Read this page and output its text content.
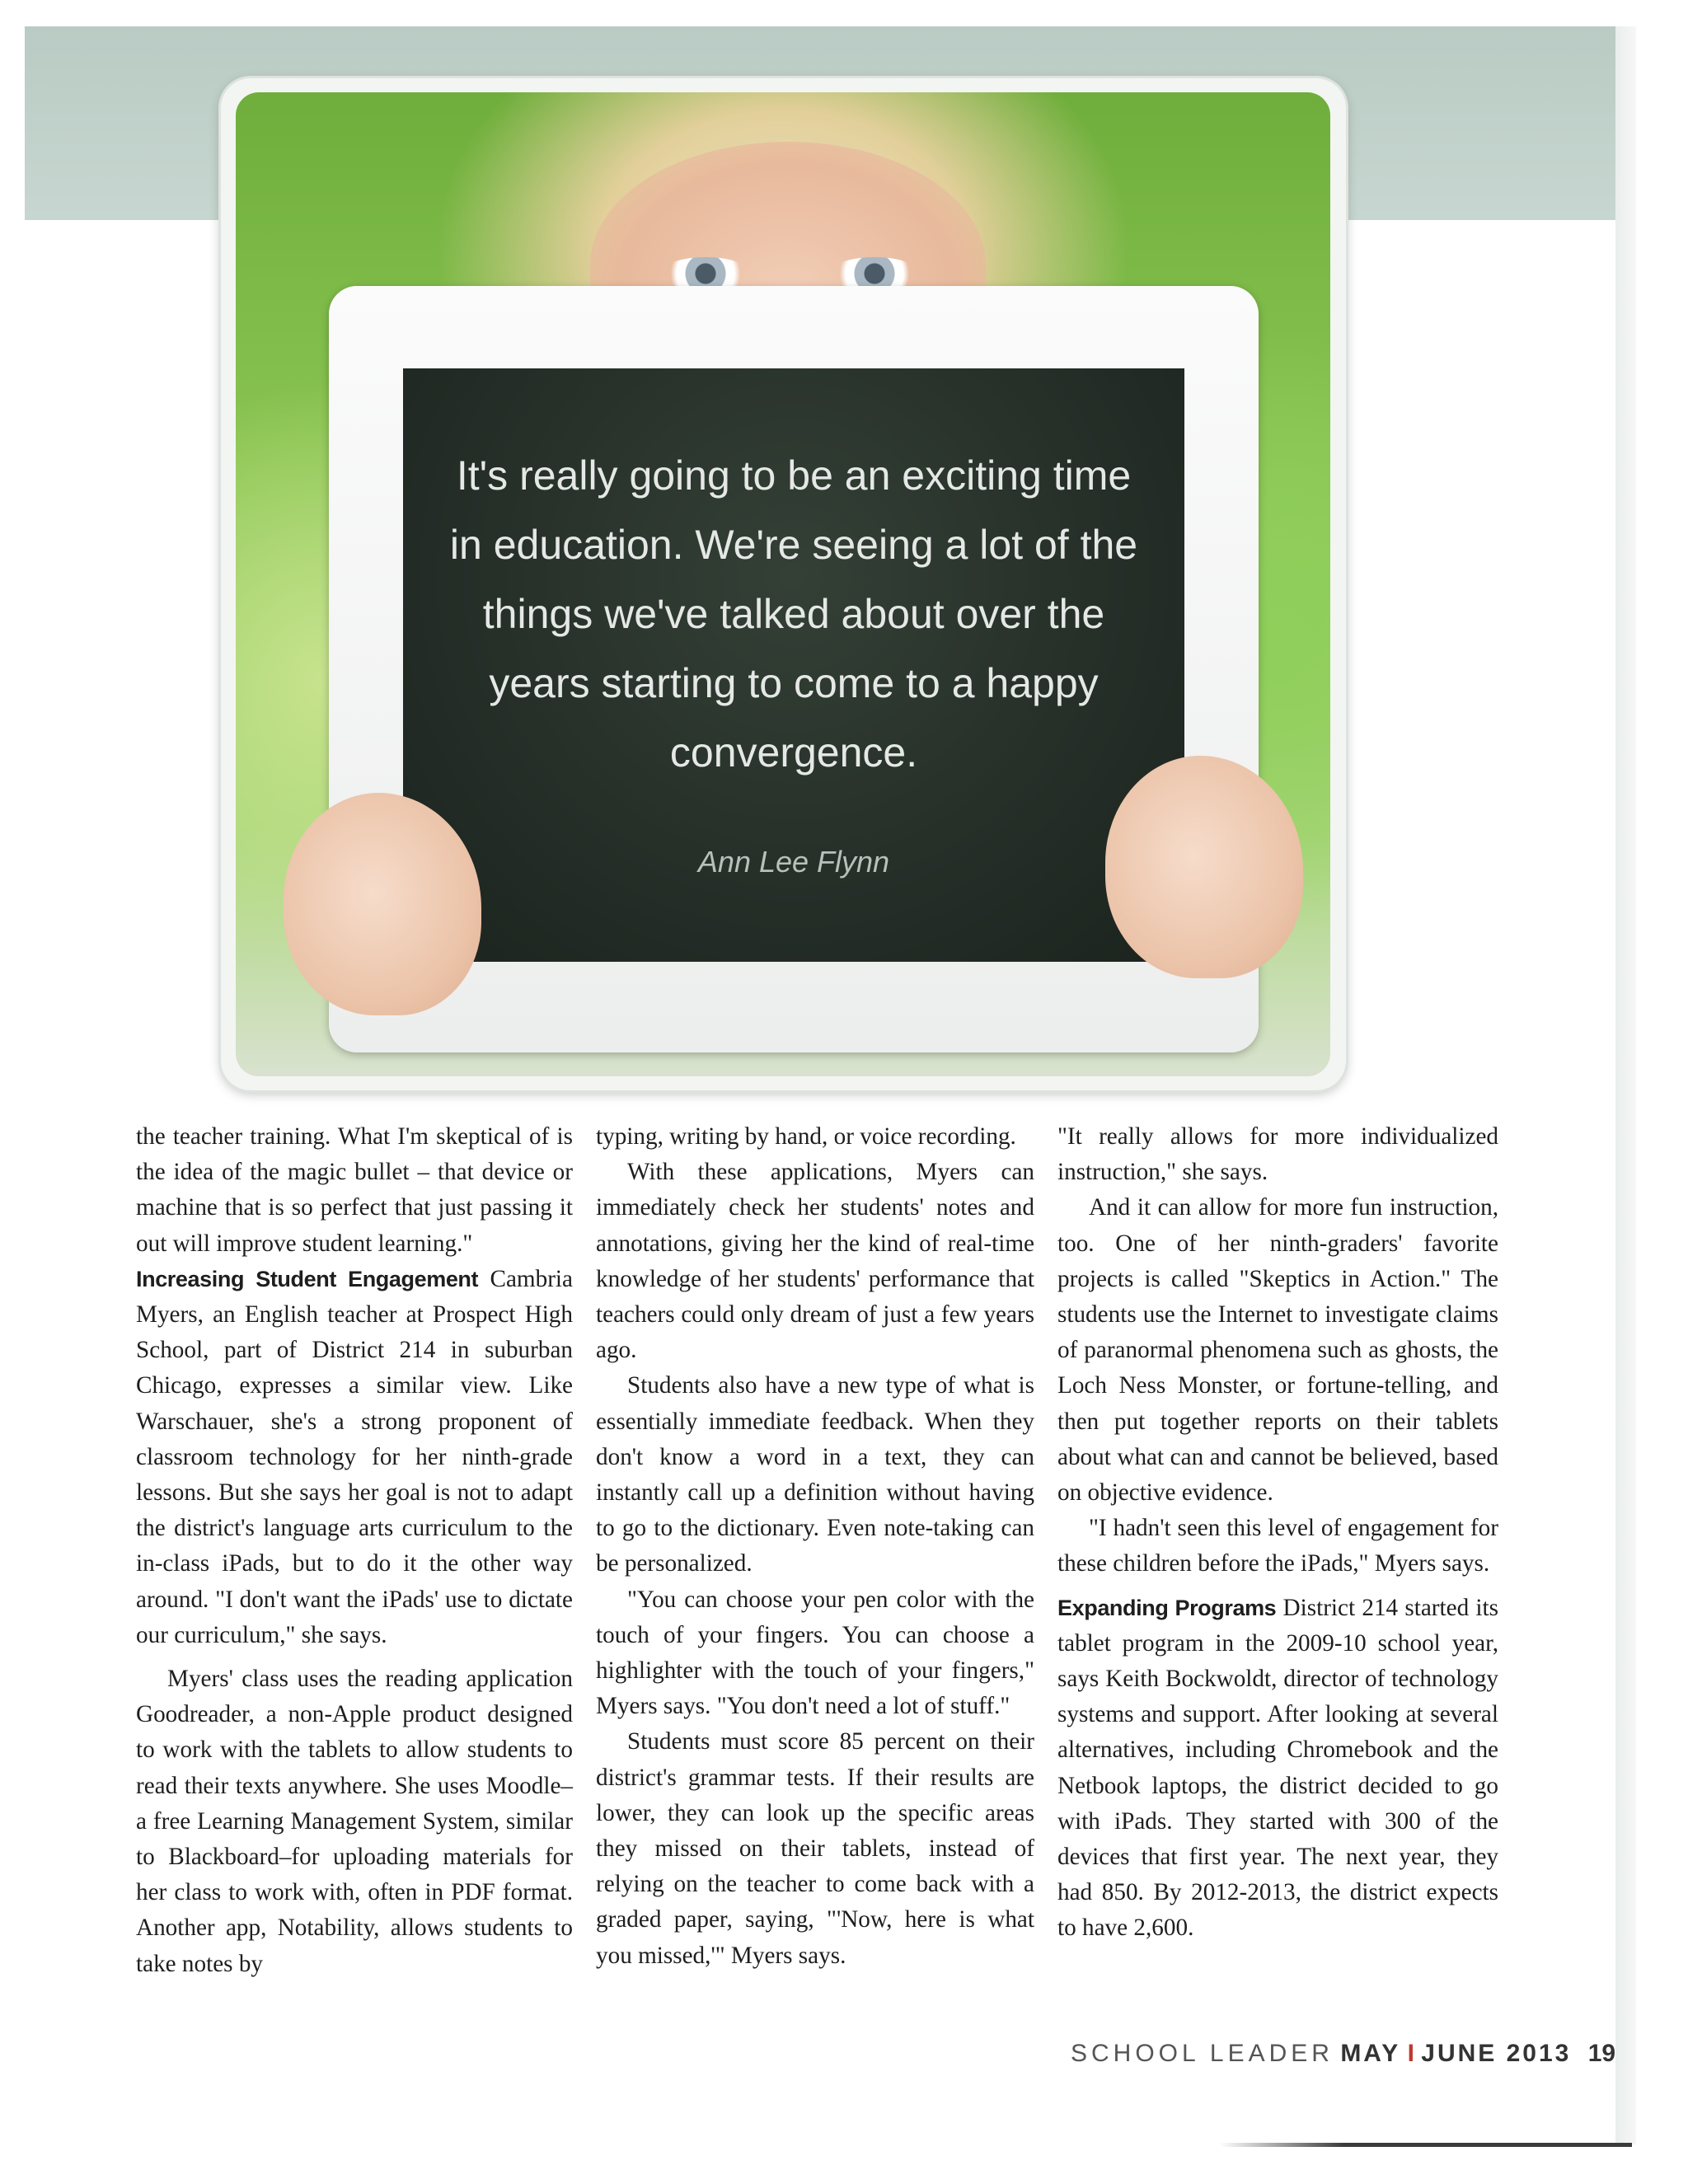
It's really going to be an exciting time in education. We're seeing a lot of the things we've talked about over the years starting to come to a happy convergence.

Ann Lee Flynn

the teacher training. What I'm skeptical of is the idea of the magic bullet – that device or machine that is so perfect that just passing it out will improve student learning."

Increasing Student Engagement Cambria Myers, an English teacher at Prospect High School, part of District 214 in suburban Chicago, expresses a similar view. Like Warschauer, she's a strong proponent of classroom technology for her ninth-grade lessons. But she says her goal is not to adapt the district's language arts curriculum to the in-class iPads, but to do it the other way around. "I don't want the iPads' use to dictate our curriculum," she says.

Myers' class uses the reading application Goodreader, a non-Apple product designed to work with the tablets to allow students to read their texts anywhere. She uses Moodle–a free Learning Management System, similar to Blackboard–for uploading materials for her class to work with, often in PDF format. Another app, Notability, allows students to take notes by

typing, writing by hand, or voice recording.

With these applications, Myers can immediately check her students' notes and annotations, giving her the kind of real-time knowledge of her students' performance that teachers could only dream of just a few years ago.

Students also have a new type of what is essentially immediate feedback. When they don't know a word in a text, they can instantly call up a definition without having to go to the dictionary. Even note-taking can be personalized.

"You can choose your pen color with the touch of your fingers. You can choose a highlighter with the touch of your fingers," Myers says. "You don't need a lot of stuff."

Students must score 85 percent on their district's grammar tests. If their results are lower, they can look up the specific areas they missed on their tablets, instead of relying on the teacher to come back with a graded paper, saying, "'Now, here is what you missed,'" Myers says.

"It really allows for more individualized instruction," she says.

And it can allow for more fun instruction, too. One of her ninth-graders' favorite projects is called "Skeptics in Action." The students use the Internet to investigate claims of paranormal phenomena such as ghosts, the Loch Ness Monster, or fortune-telling, and then put together reports on their tablets about what can and cannot be believed, based on objective evidence.

"I hadn't seen this level of engagement for these children before the iPads," Myers says.

Expanding Programs District 214 started its tablet program in the 2009-10 school year, says Keith Bockwoldt, director of technology systems and support. After looking at several alternatives, including Chromebook and the Netbook laptops, the district decided to go with iPads. They started with 300 of the devices that first year. The next year, they had 850. By 2012-2013, the district expects to have 2,600.

SCHOOL LEADER MAY I JUNE 2013 19
